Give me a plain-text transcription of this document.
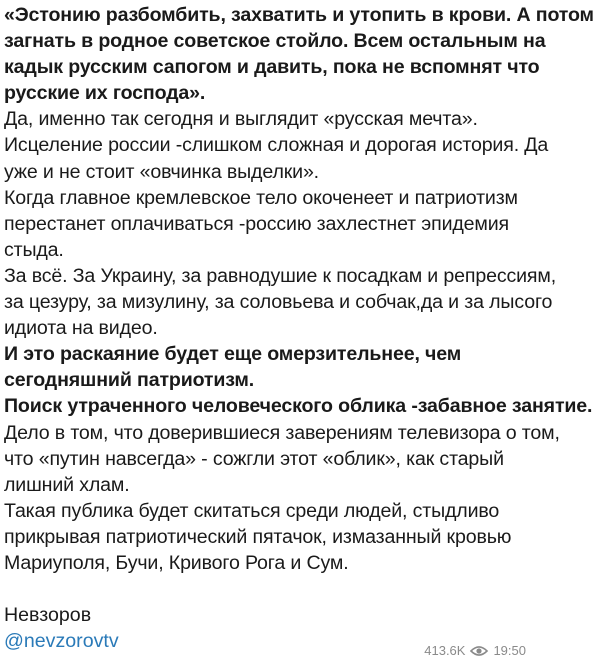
«Эстонию разбомбить, захватить и утопить в крови. А потом
загнать в родное советское стойло. Всем остальным на
кадык русским сапогом и давить, пока не вспомнят что
русские их господа».
Да, именно так сегодня и выглядит «русская мечта».
Исцеление россии -слишком сложная и дорогая история. Да
уже и не стоит «овчинка выделки».
Когда главное кремлевское тело окоченеет и патриотизм
перестанет оплачиваться -россию захлестнет эпидемия
стыда.
За всё. За Украину, за равнодушие к посадкам и репрессиям,
за цезуру, за мизулину, за соловьева и собчак,да и за лысого
идиота на видео.
И это раскаяние будет еще омерзительнее, чем
сегодняшний патриотизм.
Поиск утраченного человеческого облика -забавное занятие.
Дело в том, что доверившиеся заверениям телевизора о том,
что «путин навсегда» - сожгли этот «облик», как старый
лишний хлам.
Такая публика будет скитаться среди людей, стыдливо
прикрывая патриотический пятачок, измазанный кровью
Мариуполя, Бучи, Кривого Рога и Сум.
Невзоров
@nevzorovtv	413.6K 19:50
